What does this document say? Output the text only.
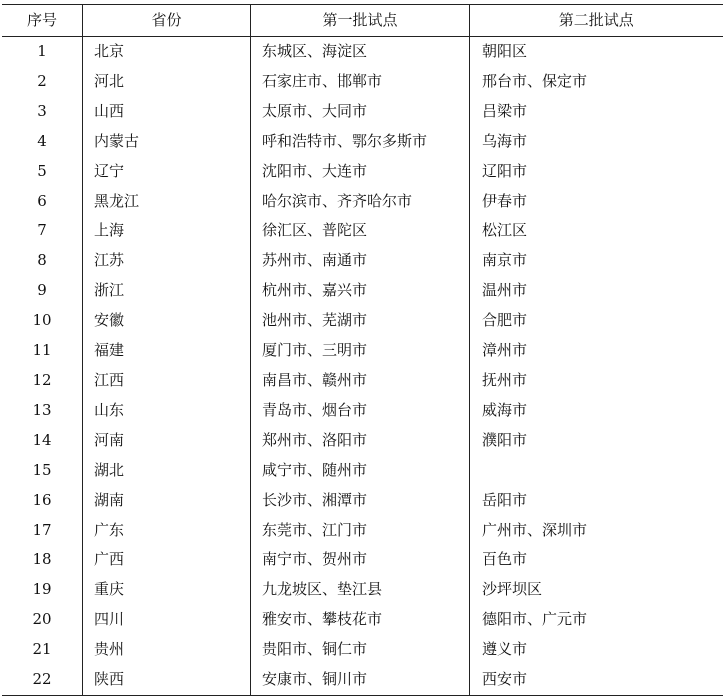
序号	省份	第一批试点	第二批试点
1	北京	东城区、海淀区	朝阳区
2	河北	石家庄市、邯郸市	邢台市、保定市
3	山西	太原市、大同市	吕梁市
4	内蒙古	呼和浩特市、鄂尔多斯市	乌海市
5	辽宁	沈阳市、大连市	辽阳市
6	黑龙江	哈尔滨市、齐齐哈尔市	伊春市
7	上海	徐汇区、普陀区	松江区
8	江苏	苏州市、南通市	南京市
9	浙江	杭州市、嘉兴市	温州市
10	安徽	池州市、芜湖市	合肥市
11	福建	厦门市、三明市	漳州市
12	江西	南昌市、赣州市	抚州市
13	山东	青岛市、烟台市	威海市
14	河南	郑州市、洛阳市	濮阳市
15	湖北	咸宁市、随州市	
16	湖南	长沙市、湘潭市	岳阳市
17	广东	东莞市、江门市	广州市、深圳市
18	广西	南宁市、贺州市	百色市
19	重庆	九龙坡区、垫江县	沙坪坝区
20	四川	雅安市、攀枝花市	德阳市、广元市
21	贵州	贵阳市、铜仁市	遵义市
22	陕西	安康市、铜川市	西安市
